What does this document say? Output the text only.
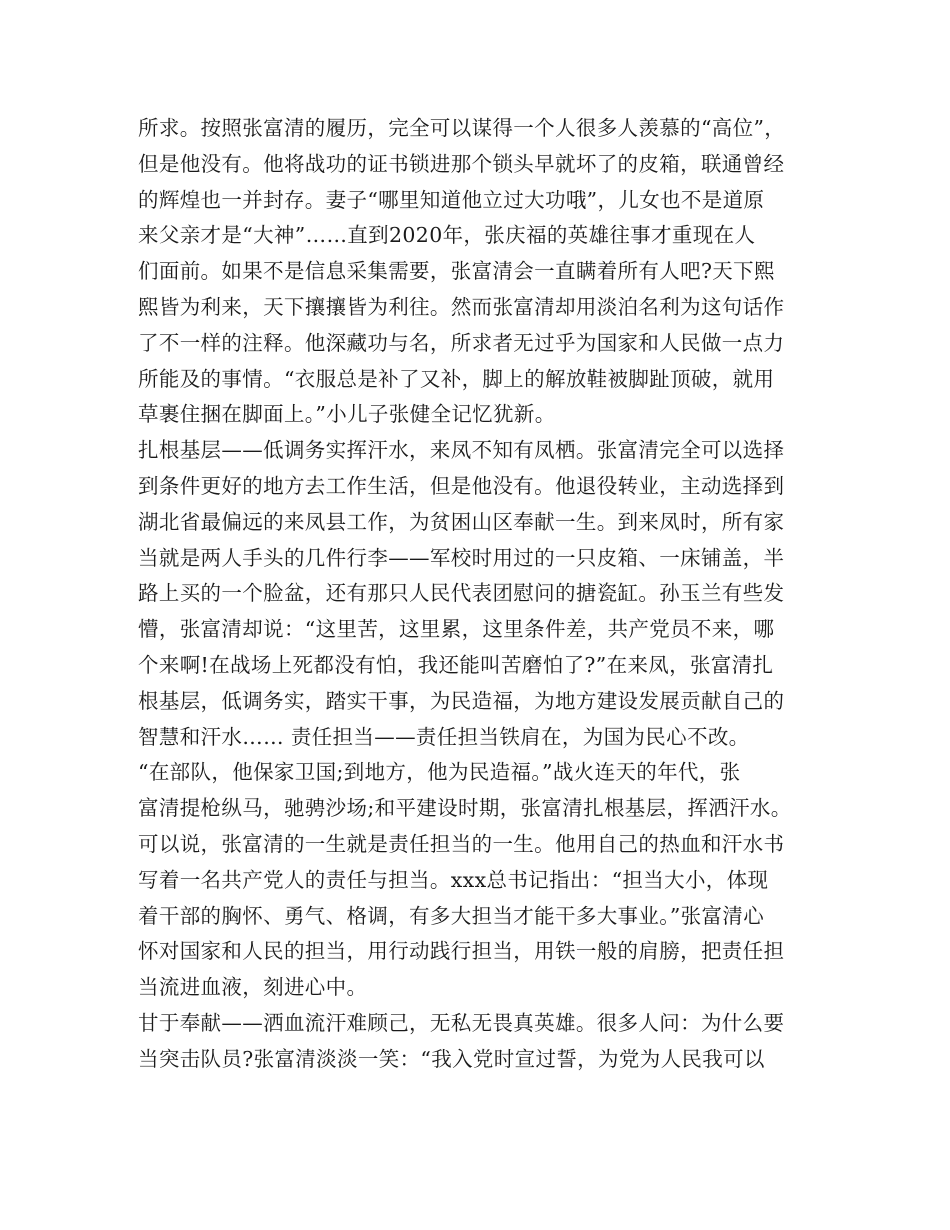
所求。按照张富清的履历，完全可以谋得一个人很多人羡慕的“高位”，
但是他没有。他将战功的证书锁进那个锁头早就坏了的皮箱，联通曾经
的辉煌也一并封存。妻子“哪里知道他立过大功哦”，儿女也不是道原
来父亲才是“大神”……直到2020年，张庆福的英雄往事才重现在人
们面前。如果不是信息采集需要，张富清会一直瞒着所有人吧?天下熙
熙皆为利来，天下攘攘皆为利往。然而张富清却用淡泊名利为这句话作
了不一样的注释。他深藏功与名，所求者无过乎为国家和人民做一点力
所能及的事情。“衣服总是补了又补，脚上的解放鞋被脚趾顶破，就用
草裹住捆在脚面上。”小儿子张健全记忆犹新。
扎根基层——低调务实挥汗水，来凤不知有凤栖。张富清完全可以选择
到条件更好的地方去工作生活，但是他没有。他退役转业，主动选择到
湖北省最偏远的来凤县工作，为贫困山区奉献一生。到来凤时，所有家
当就是两人手头的几件行李——军校时用过的一只皮箱、一床铺盖，半
路上买的一个脸盆，还有那只人民代表团慰问的搪瓷缸。孙玉兰有些发
懵，张富清却说：“这里苦，这里累，这里条件差，共产党员不来，哪
个来啊!在战场上死都没有怕，我还能叫苦磨怕了?”在来凤，张富清扎
根基层，低调务实，踏实干事，为民造福，为地方建设发展贡献自己的
智慧和汗水…… 责任担当——责任担当铁肩在，为国为民心不改。
“在部队，他保家卫国;到地方，他为民造福。”战火连天的年代，张
富清提枪纵马，驰骋沙场;和平建设时期，张富清扎根基层，挥洒汗水。
可以说，张富清的一生就是责任担当的一生。他用自己的热血和汗水书
写着一名共产党人的责任与担当。xxx总书记指出：“担当大小，体现
着干部的胸怀、勇气、格调，有多大担当才能干多大事业。”张富清心
怀对国家和人民的担当，用行动践行担当，用铁一般的肩膀，把责任担
当流进血液，刻进心中。
甘于奉献——洒血流汗难顾己，无私无畏真英雄。很多人问：为什么要
当突击队员?张富清淡淡一笑：“我入党时宣过誓，为党为人民我可以
